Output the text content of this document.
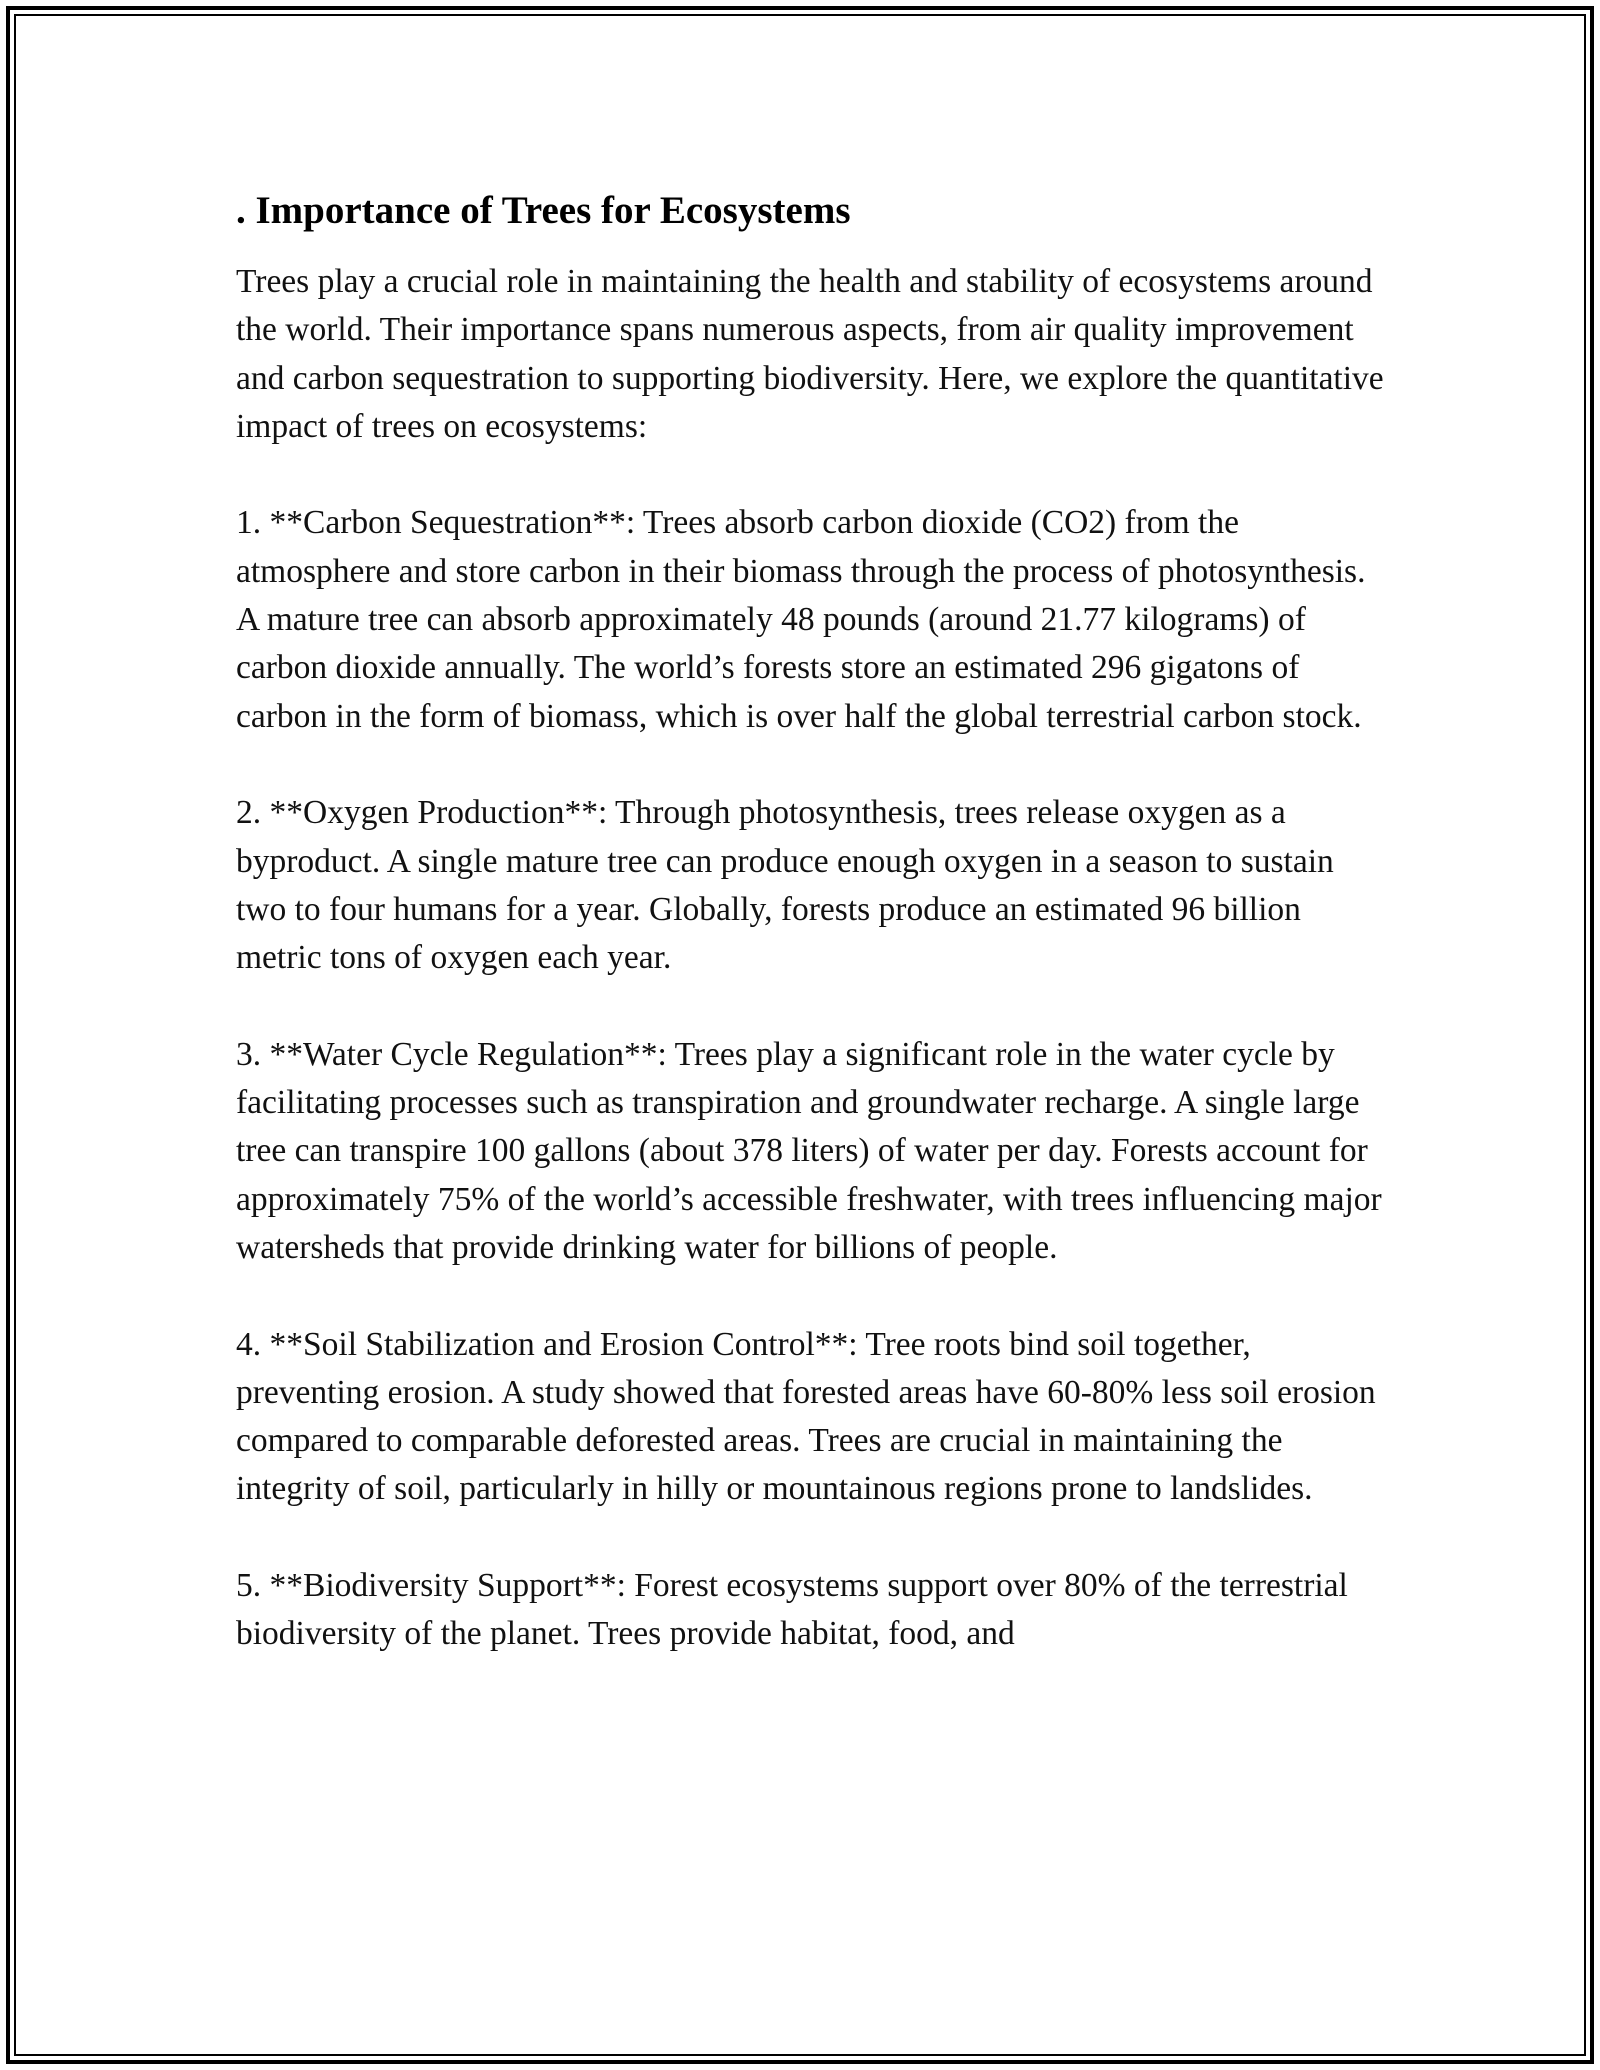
. Importance of Trees for Ecosystems

Trees play a crucial role in maintaining the health and stability of ecosystems around the world. Their importance spans numerous aspects, from air quality improvement and carbon sequestration to supporting biodiversity. Here, we explore the quantitative impact of trees on ecosystems:

1. **Carbon Sequestration**: Trees absorb carbon dioxide (CO2) from the atmosphere and store carbon in their biomass through the process of photosynthesis. A mature tree can absorb approximately 48 pounds (around 21.77 kilograms) of carbon dioxide annually. The world’s forests store an estimated 296 gigatons of carbon in the form of biomass, which is over half the global terrestrial carbon stock.

2. **Oxygen Production**: Through photosynthesis, trees release oxygen as a byproduct. A single mature tree can produce enough oxygen in a season to sustain two to four humans for a year. Globally, forests produce an estimated 96 billion metric tons of oxygen each year.

3. **Water Cycle Regulation**: Trees play a significant role in the water cycle by facilitating processes such as transpiration and groundwater recharge. A single large tree can transpire 100 gallons (about 378 liters) of water per day. Forests account for approximately 75% of the world’s accessible freshwater, with trees influencing major watersheds that provide drinking water for billions of people.

4. **Soil Stabilization and Erosion Control**: Tree roots bind soil together, preventing erosion. A study showed that forested areas have 60-80% less soil erosion compared to comparable deforested areas. Trees are crucial in maintaining the integrity of soil, particularly in hilly or mountainous regions prone to landslides.

5. **Biodiversity Support**: Forest ecosystems support over 80% of the terrestrial biodiversity of the planet. Trees provide habitat, food, and
